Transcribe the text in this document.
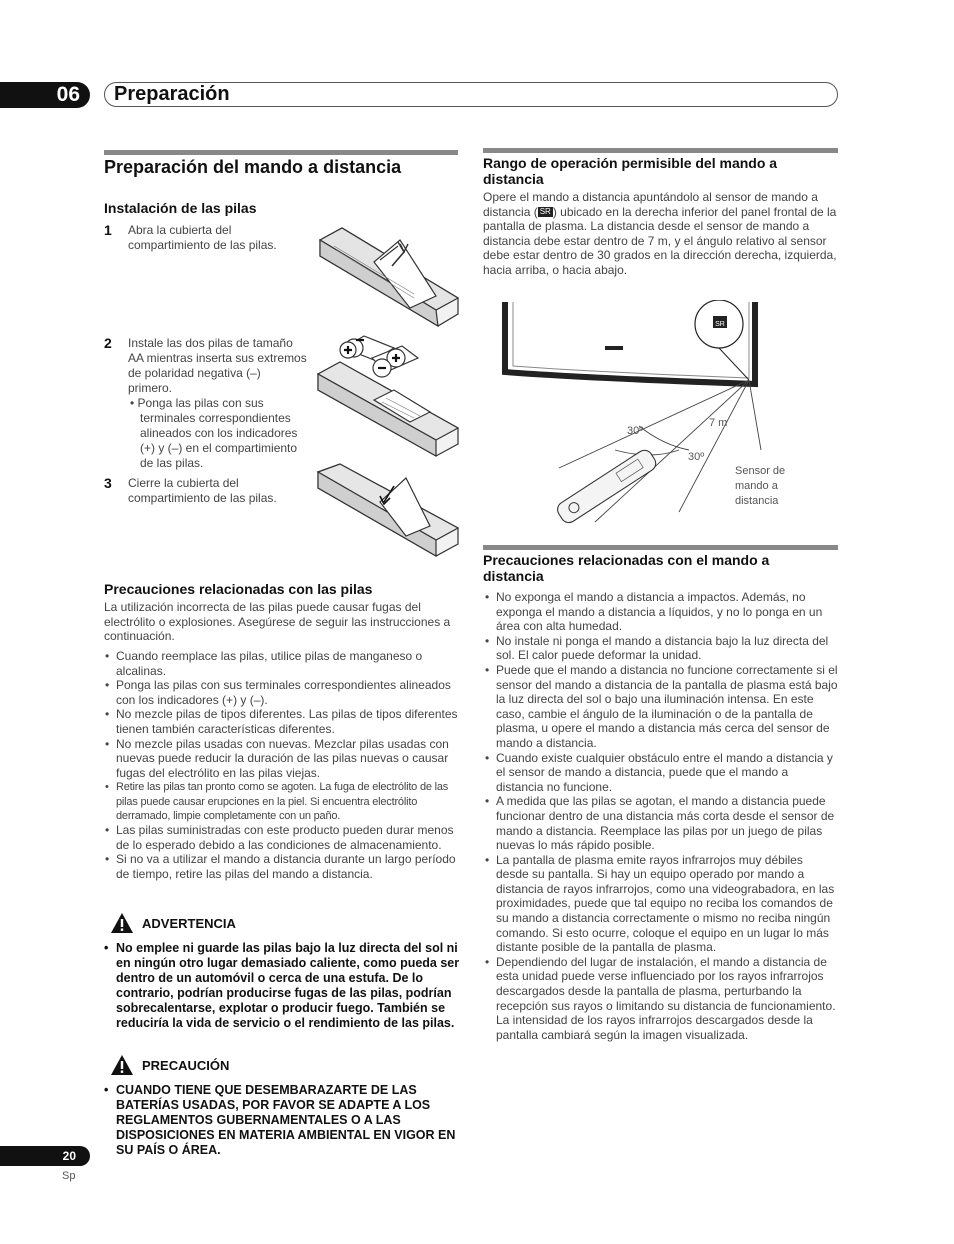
06	Preparación
Preparación del mando a distancia
Instalación de las pilas
1 Abra la cubierta del compartimiento de las pilas.
2 Instale las dos pilas de tamaño AA mientras inserta sus extremos de polaridad negativa (–) primero.
• Ponga las pilas con sus terminales correspondientes alineados con los indicadores (+) y (–) en el compartimiento de las pilas.
3 Cierre la cubierta del compartimiento de las pilas.
Precauciones relacionadas con las pilas

La utilización incorrecta de las pilas puede causar fugas del electrólito o explosiones. Asegúrese de seguir las instrucciones a continuación.

• Cuando reemplace las pilas, utilice pilas de manganeso o alcalinas.
• Ponga las pilas con sus terminales correspondientes alineados con los indicadores (+) y (–).
• No mezcle pilas de tipos diferentes. Las pilas de tipos diferentes tienen también características diferentes.
• No mezcle pilas usadas con nuevas. Mezclar pilas usadas con nuevas puede reducir la duración de las pilas nuevas o causar fugas del electrólito en las pilas viejas.
• Retire las pilas tan pronto como se agoten. La fuga de electrólito de las pilas puede causar erupciones en la piel. Si encuentra electrólito derramado, limpie completamente con un paño.
• Las pilas suministradas con este producto pueden durar menos de lo esperado debido a las condiciones de almacenamiento.
• Si no va a utilizar el mando a distancia durante un largo período de tiempo, retire las pilas del mando a distancia.
ADVERTENCIA
• No emplee ni guarde las pilas bajo la luz directa del sol ni en ningún otro lugar demasiado caliente, como pueda ser dentro de un automóvil o cerca de una estufa. De lo contrario, podrían producirse fugas de las pilas, podrían sobrecalentarse, explotar o producir fuego. También se reduciría la vida de servicio o el rendimiento de las pilas.
PRECAUCIÓN
• CUANDO TIENE QUE DESEMBARAZARTE DE LAS BATERÍAS USADAS, POR FAVOR SE ADAPTE A LOS REGLAMENTOS GUBERNAMENTALES O A LAS DISPOSICIONES EN MATERIA AMBIENTAL EN VIGOR EN SU PAÍS O ÁREA.
Rango de operación permisible del mando a distancia

Opere el mando a distancia apuntándolo al sensor de mando a distancia ( SR ) ubicado en la derecha inferior del panel frontal de la pantalla de plasma. La distancia desde el sensor de mando a distancia debe estar dentro de 7 m, y el ángulo relativo al sensor debe estar dentro de 30 grados en la dirección derecha, izquierda, hacia arriba, o hacia abajo.

SR
30º
7 m
30º
Sensor de mando a distancia
Precauciones relacionadas con el mando a distancia
• No exponga el mando a distancia a impactos. Además, no exponga el mando a distancia a líquidos, y no lo ponga en un área con alta humedad.
• No instale ni ponga el mando a distancia bajo la luz directa del sol. El calor puede deformar la unidad.
• Puede que el mando a distancia no funcione correctamente si el sensor del mando a distancia de la pantalla de plasma está bajo la luz directa del sol o bajo una iluminación intensa. En este caso, cambie el ángulo de la iluminación o de la pantalla de plasma, u opere el mando a distancia más cerca del sensor de mando a distancia.
• Cuando existe cualquier obstáculo entre el mando a distancia y el sensor de mando a distancia, puede que el mando a distancia no funcione.
• A medida que las pilas se agotan, el mando a distancia puede funcionar dentro de una distancia más corta desde el sensor de mando a distancia. Reemplace las pilas por un juego de pilas nuevas lo más rápido posible.
• La pantalla de plasma emite rayos infrarrojos muy débiles desde su pantalla. Si hay un equipo operado por mando a distancia de rayos infrarrojos, como una videograbadora, en las proximidades, puede que tal equipo no reciba los comandos de su mando a distancia correctamente o mismo no reciba ningún comando. Si esto ocurre, coloque el equipo en un lugar lo más distante posible de la pantalla de plasma.
• Dependiendo del lugar de instalación, el mando a distancia de esta unidad puede verse influenciado por los rayos infrarrojos descargados desde la pantalla de plasma, perturbando la recepción sus rayos o limitando su distancia de funcionamiento. La intensidad de los rayos infrarrojos descargados desde la pantalla cambiará según la imagen visualizada.
20
Sp
